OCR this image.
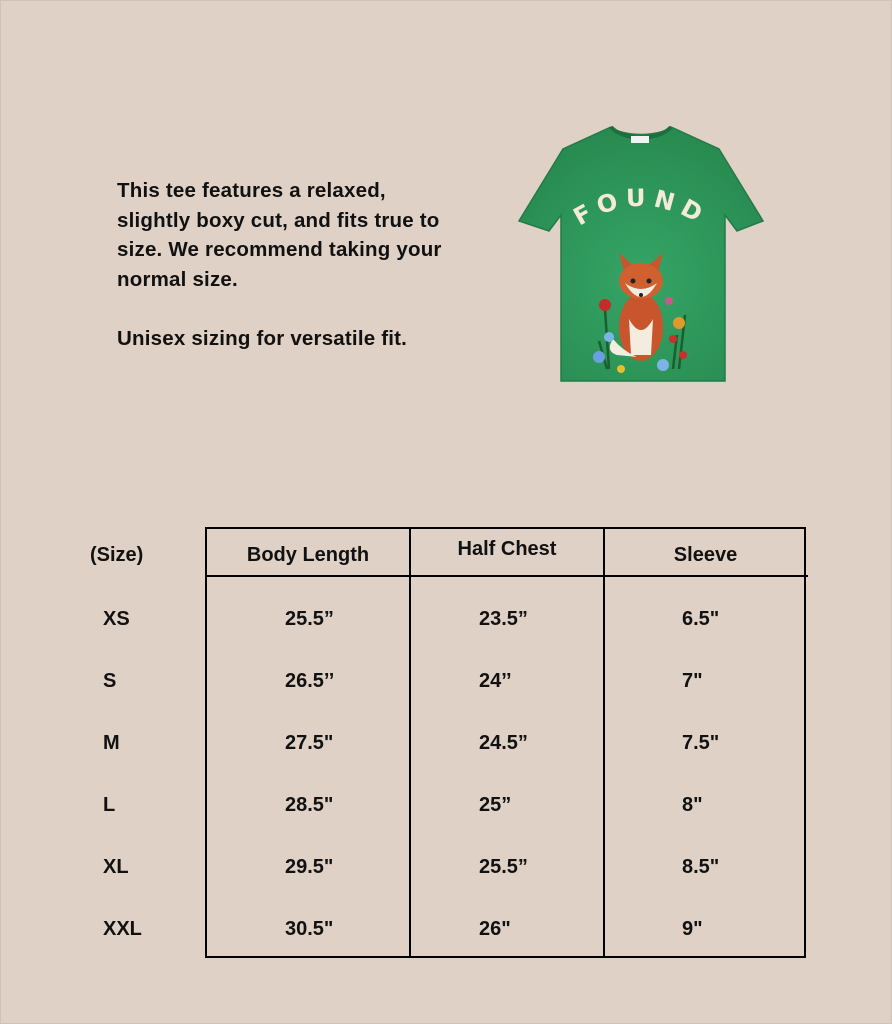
This tee features a relaxed, slightly boxy cut, and fits true to size. We recommend taking your normal size.

Unisex sizing for versatile fit.

FOUND
(Size)	Body Length	Half Chest	Sleeve
XS	25.5”	23.5”	6.5"
S	26.5’’	24’’	7"
M	27.5"	24.5”	7.5"
L	28.5"	25”	8"
XL	29.5"	25.5”	8.5"
XXL	30.5"	26"	9"
